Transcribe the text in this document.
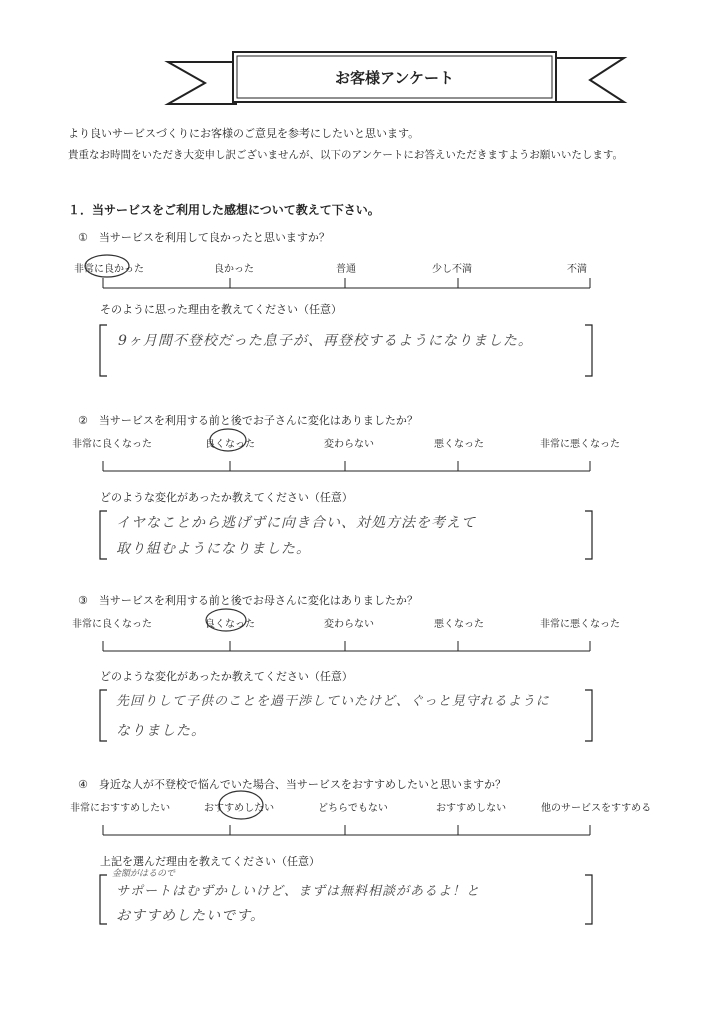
お客様アンケート
より良いサービスづくりにお客様のご意見を参考にしたいと思います。
貴重なお時間をいただき大変申し訳ございませんが、以下のアンケートにお答えいただきますようお願いいたします。
１．当サービスをご利用した感想について教えて下さい。
①　当サービスを利用して良かったと思いますか？
非常に良かった	良かった	普通	少し不満	不満
そのように思った理由を教えてください（任意）
9ヶ月間不登校だった息子が、再登校するようになりました。
②　当サービスを利用する前と後でお子さんに変化はありましたか？
非常に良くなった	良くなった	変わらない	悪くなった	非常に悪くなった
どのような変化があったか教えてください（任意）
イヤなことから逃げずに向き合い、対処方法を考えて
取り組むようになりました。
③　当サービスを利用する前と後でお母さんに変化はありましたか？
非常に良くなった	良くなった	変わらない	悪くなった	非常に悪くなった
どのような変化があったか教えてください（任意）
先回りして子供のことを過干渉していたけど、ぐっと見守れるように
なりました。
④　身近な人が不登校で悩んでいた場合、当サービスをおすすめしたいと思いますか？
非常におすすめしたい	おすすめしたい	どちらでもない	おすすめしない	他のサービスをすすめる
上記を選んだ理由を教えてください（任意）
金額がはるので
サポートはむずかしいけど、まずは無料相談があるよ！と
おすすめしたいです。
